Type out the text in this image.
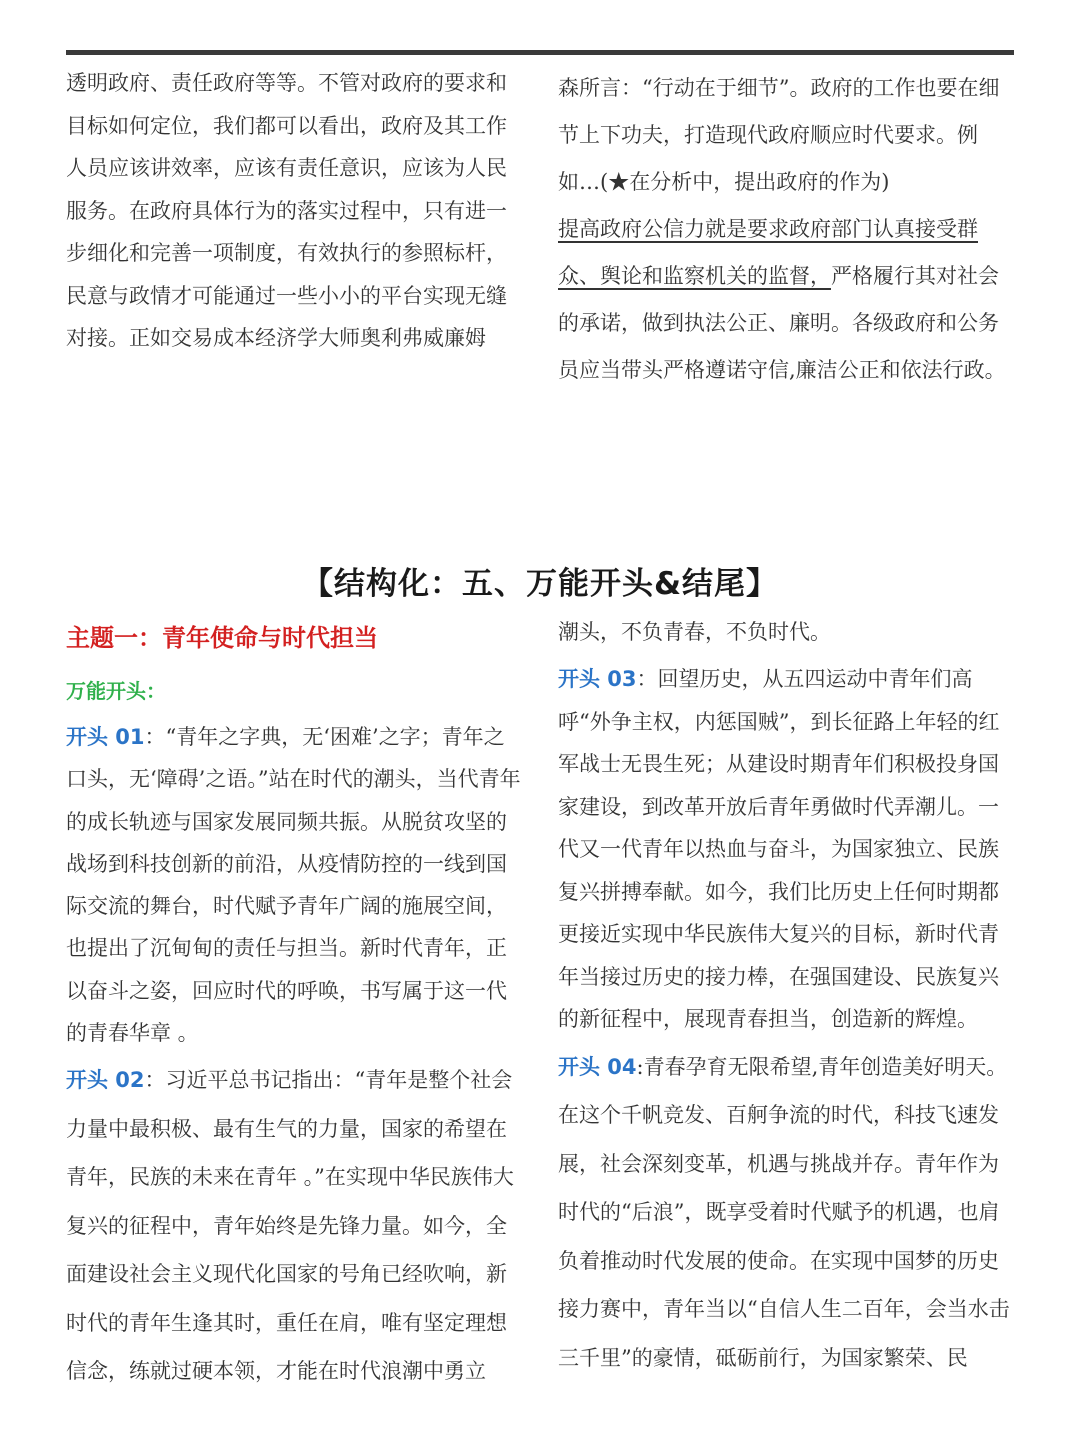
透明政府、责任政府等等。不管对政府的要求和目标如何定位，我们都可以看出，政府及其工作人员应该讲效率，应该有责任意识，应该为人民服务。在政府具体行为的落实过程中，只有进一步细化和完善一项制度，有效执行的参照标杆，民意与政情才可能通过一些小小的平台实现无缝对接。正如交易成本经济学大师奥利弗威廉姆

森所言：“行动在于细节”。政府的工作也要在细节上下功夫，打造现代政府顺应时代要求。例如…(★在分析中，提出政府的作为)

提高政府公信力就是要求政府部门认真接受群众、舆论和监察机关的监督，严格履行其对社会的承诺，做到执法公正、廉明。各级政府和公务员应当带头严格遵诺守信,廉洁公正和依法行政。

【结构化：五、万能开头&结尾】

主题一：青年使命与时代担当

万能开头：

开头 01：“青年之字典，无‘困难’之字；青年之口头，无‘障碍’之语。”站在时代的潮头，当代青年的成长轨迹与国家发展同频共振。从脱贫攻坚的战场到科技创新的前沿，从疫情防控的一线到国际交流的舞台，时代赋予青年广阔的施展空间，也提出了沉甸甸的责任与担当。新时代青年，正以奋斗之姿，回应时代的呼唤，书写属于这一代的青春华章 。

开头 02：习近平总书记指出：“青年是整个社会力量中最积极、最有生气的力量，国家的希望在青年，民族的未来在青年 。”在实现中华民族伟大复兴的征程中，青年始终是先锋力量。如今，全面建设社会主义现代化国家的号角已经吹响，新时代的青年生逢其时，重任在肩，唯有坚定理想信念，练就过硬本领，才能在时代浪潮中勇立

潮头，不负青春，不负时代。

开头 03：回望历史，从五四运动中青年们高呼“外争主权，内惩国贼”，到长征路上年轻的红军战士无畏生死；从建设时期青年们积极投身国家建设，到改革开放后青年勇做时代弄潮儿。一代又一代青年以热血与奋斗，为国家独立、民族复兴拼搏奉献。如今，我们比历史上任何时期都更接近实现中华民族伟大复兴的目标，新时代青年当接过历史的接力棒，在强国建设、民族复兴的新征程中，展现青春担当，创造新的辉煌。

开头 04:青春孕育无限希望,青年创造美好明天。在这个千帆竞发、百舸争流的时代，科技飞速发展，社会深刻变革，机遇与挑战并存。青年作为时代的“后浪”，既享受着时代赋予的机遇，也肩负着推动时代发展的使命。在实现中国梦的历史接力赛中，青年当以“自信人生二百年，会当水击三千里”的豪情，砥砺前行，为国家繁荣、民
